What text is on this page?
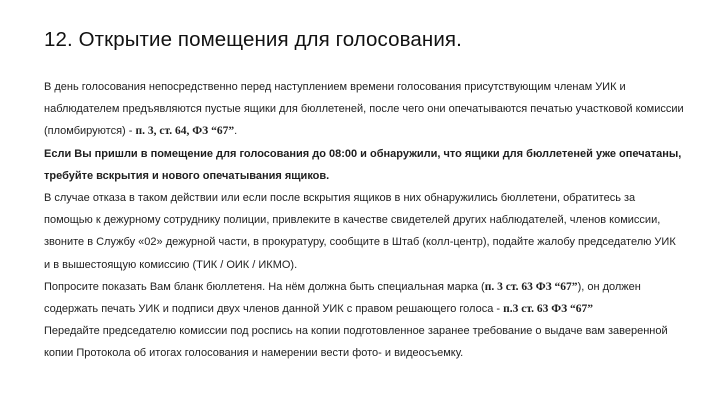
12. Открытие помещения для голосования.

В день голосования непосредственно перед наступлением времени голосования присутствующим членам УИК и наблюдателем предъявляются пустые ящики для бюллетеней, после чего они опечатываются печатью участковой комиссии (пломбируются) - п. 3, ст. 64, ФЗ “67”.

Если Вы пришли в помещение для голосования до 08:00 и обнаружили, что ящики для бюллетеней уже опечатаны, требуйте вскрытия и нового опечатывания ящиков.

В случае отказа в таком действии или если после вскрытия ящиков в них обнаружились бюллетени, обратитесь за помощью к дежурному сотруднику полиции, привлеките в качестве свидетелей других наблюдателей, членов комиссии, звоните в Службу «02» дежурной части, в прокуратуру, сообщите в Штаб (колл-центр), подайте жалобу председателю УИК и в вышестоящую комиссию (ТИК / ОИК / ИКМО).

Попросите показать Вам бланк бюллетеня. На нём должна быть специальная марка (п. 3 ст. 63 ФЗ “67”), он должен содержать печать УИК и подписи двух членов данной УИК с правом решающего голоса - п.3 ст. 63 ФЗ “67”

Передайте председателю комиссии под роспись на копии подготовленное заранее требование о выдаче вам заверенной копии Протокола об итогах голосования и намерении вести фото- и видеосъемку.
